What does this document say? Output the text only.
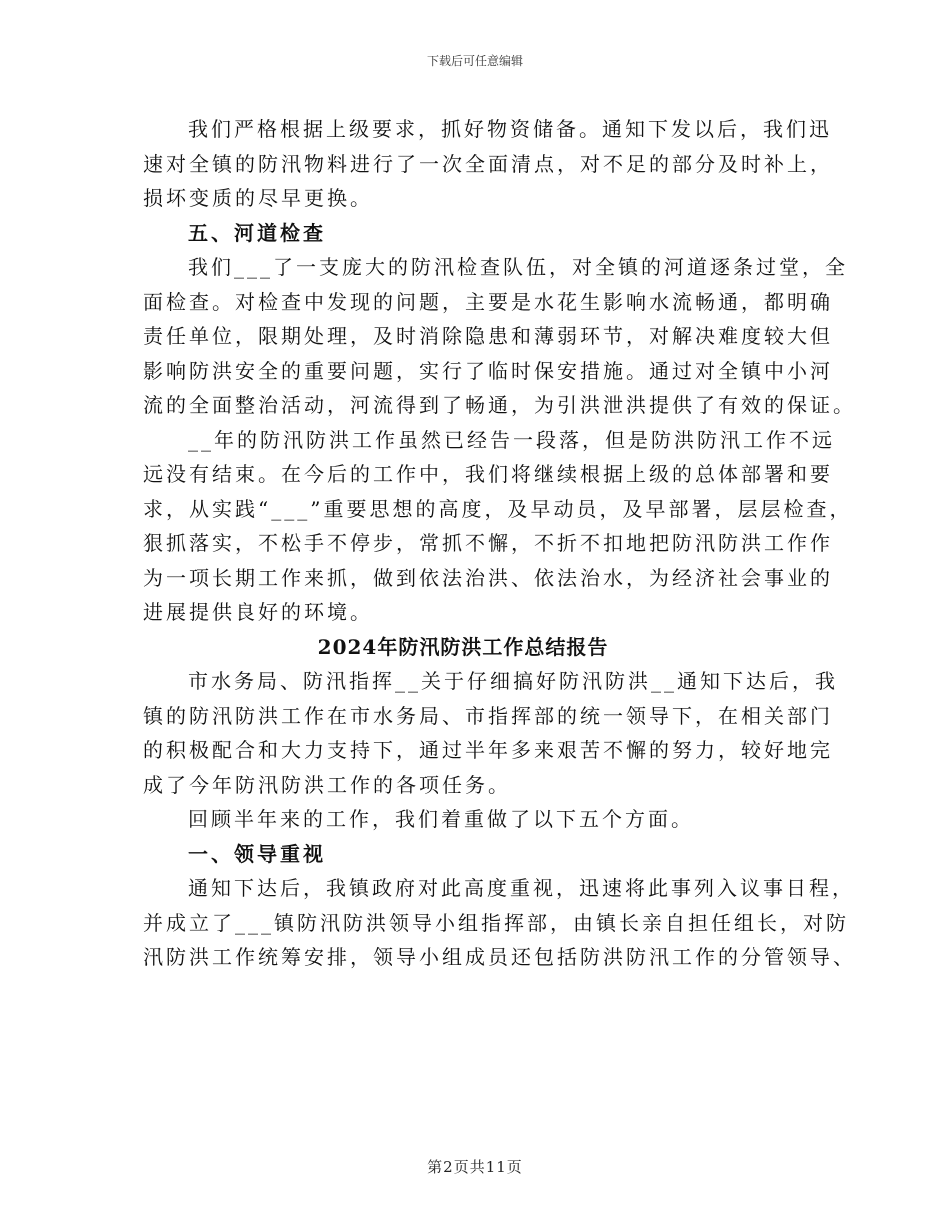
下载后可任意编辑
我们严格根据上级要求，抓好物资储备。通知下发以后，我们迅
速对全镇的防汛物料进行了一次全面清点，对不足的部分及时补上，
损坏变质的尽早更换。
五、河道检查
我们___了一支庞大的防汛检查队伍，对全镇的河道逐条过堂，全
面检查。对检查中发现的问题，主要是水花生影响水流畅通，都明确
责任单位，限期处理，及时消除隐患和薄弱环节，对解决难度较大但
影响防洪安全的重要问题，实行了临时保安措施。通过对全镇中小河
流的全面整治活动，河流得到了畅通，为引洪泄洪提供了有效的保证。
__年的防汛防洪工作虽然已经告一段落，但是防洪防汛工作不远
远没有结束。在今后的工作中，我们将继续根据上级的总体部署和要
求，从实践“___”重要思想的高度，及早动员，及早部署，层层检查，
狠抓落实，不松手不停步，常抓不懈，不折不扣地把防汛防洪工作作
为一项长期工作来抓，做到依法治洪、依法治水，为经济社会事业的
进展提供良好的环境。
2024年防汛防洪工作总结报告
市水务局、防汛指挥__关于仔细搞好防汛防洪__通知下达后，我
镇的防汛防洪工作在市水务局、市指挥部的统一领导下，在相关部门
的积极配合和大力支持下，通过半年多来艰苦不懈的努力，较好地完
成了今年防汛防洪工作的各项任务。
回顾半年来的工作，我们着重做了以下五个方面。
一、领导重视
通知下达后，我镇政府对此高度重视，迅速将此事列入议事日程，
并成立了___镇防汛防洪领导小组指挥部，由镇长亲自担任组长，对防
汛防洪工作统筹安排，领导小组成员还包括防洪防汛工作的分管领导、
第2页共11页
